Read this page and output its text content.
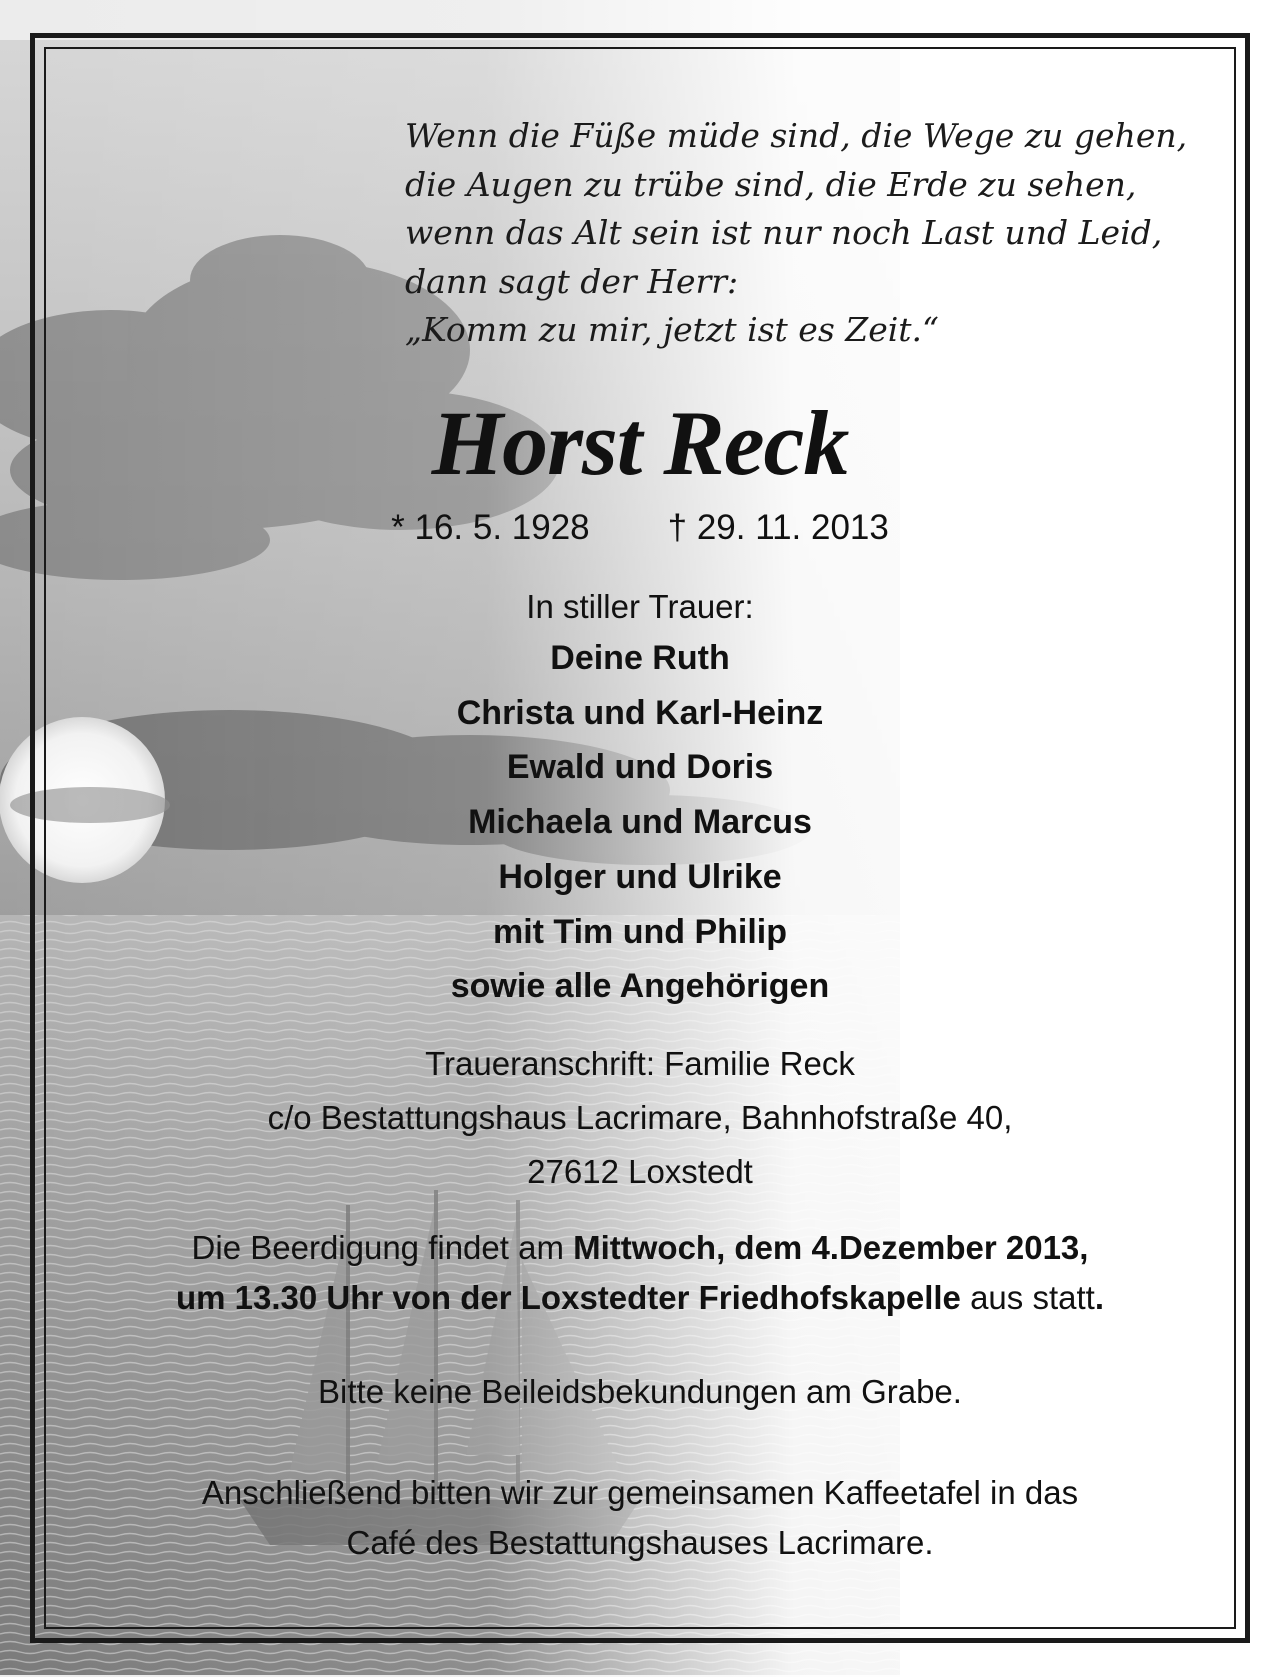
Wenn die Füße müde sind, die Wege zu gehen,
die Augen zu trübe sind, die Erde zu sehen,
wenn das Alt sein ist nur noch Last und Leid,
dann sagt der Herr:
„Komm zu mir, jetzt ist es Zeit.“
Horst Reck
* 16. 5. 1928 † 29. 11. 2013
In stiller Trauer:
Deine Ruth
Christa und Karl-Heinz
Ewald und Doris
Michaela und Marcus
Holger und Ulrike
mit Tim und Philip
sowie alle Angehörigen
Traueranschrift: Familie Reck
c/o Bestattungshaus Lacrimare, Bahnhofstraße 40,
27612 Loxstedt
Die Beerdigung findet am Mittwoch, dem 4.Dezember 2013,
um 13.30 Uhr von der Loxstedter Friedhofskapelle aus statt.
Bitte keine Beileidsbekundungen am Grabe.
Anschließend bitten wir zur gemeinsamen Kaffeetafel in das
Café des Bestattungshauses Lacrimare.
